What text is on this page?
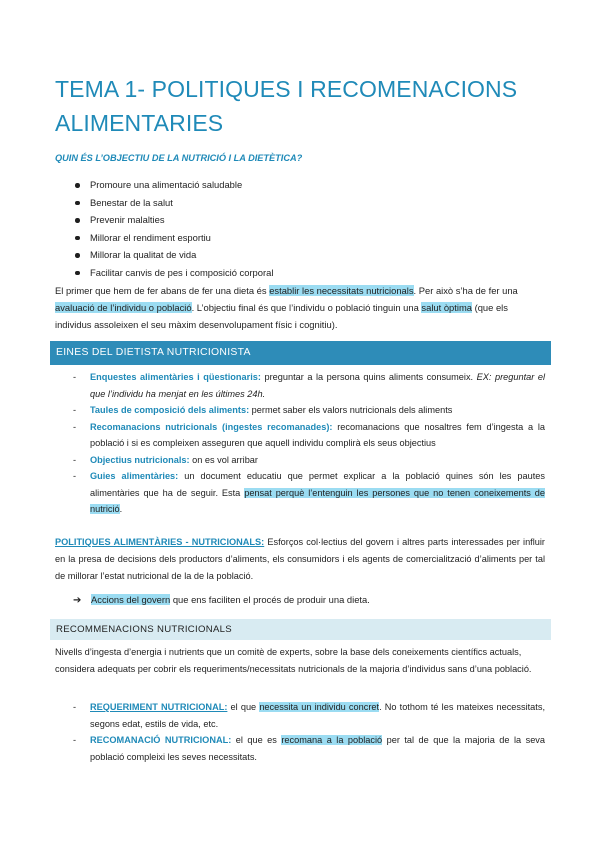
TEMA 1- POLITIQUES I RECOMENACIONS ALIMENTARIES
QUIN ÉS L’OBJECTIU DE LA NUTRICIÓ I LA DIETÈTICA?
Promoure una alimentació saludable
Benestar de la salut
Prevenir malalties
Millorar el rendiment esportiu
Millorar la qualitat de vida
Facilitar canvis de pes i composició corporal

El primer que hem de fer abans de fer una dieta és establir les necessitats nutricionals. Per això s’ha de fer una avaluació de l’individu o població. L’objectiu final és que l’individu o població tinguin una salut òptima (que els individus assoleixen el seu màxim desenvolupament físic i cognitiu).

EINES DEL DIETISTA NUTRICIONISTA
- Enquestes alimentàries i qüestionaris: preguntar a la persona quins aliments consumeix. EX: preguntar el que l’individu ha menjat en les últimes 24h.
- Taules de composició dels aliments: permet saber els valors nutricionals dels aliments
- Recomanacions nutricionals (ingestes recomanades): recomanacions que nosaltres fem d’ingesta a la població i si es compleixen asseguren que aquell individu complirà els seus objectius
- Objectius nutricionals: on es vol arribar
- Guies alimentàries: un document educatiu que permet explicar a la població quines són les pautes alimentàries que ha de seguir. Esta pensat perquè l’entenguin les persones que no tenen coneixements de nutrició.

POLITIQUES ALIMENTÀRIES - NUTRICIONALS: Esforços col·lectius del govern i altres parts interessades per influir en la presa de decisions dels productors d’aliments, els consumidors i els agents de comercialització d’aliments per tal de millorar l’estat nutricional de la de la població.

➔ Accions del govern que ens faciliten el procés de produir una dieta.
RECOMMENACIONS NUTRICIONALS

Nivells d’ingesta d’energia i nutrients que un comitè de experts, sobre la base dels coneixements científics actuals, considera adequats per cobrir els requeriments/necessitats nutricionals de la majoria d’individus sans d’una població.

- REQUERIMENT NUTRICIONAL: el que necessita un individu concret. No tothom té les mateixes necessitats, segons edat, estils de vida, etc.
- RECOMANACIÓ NUTRICIONAL: el que es recomana a la població per tal de que la majoria de la seva població compleixi les seves necessitats.
